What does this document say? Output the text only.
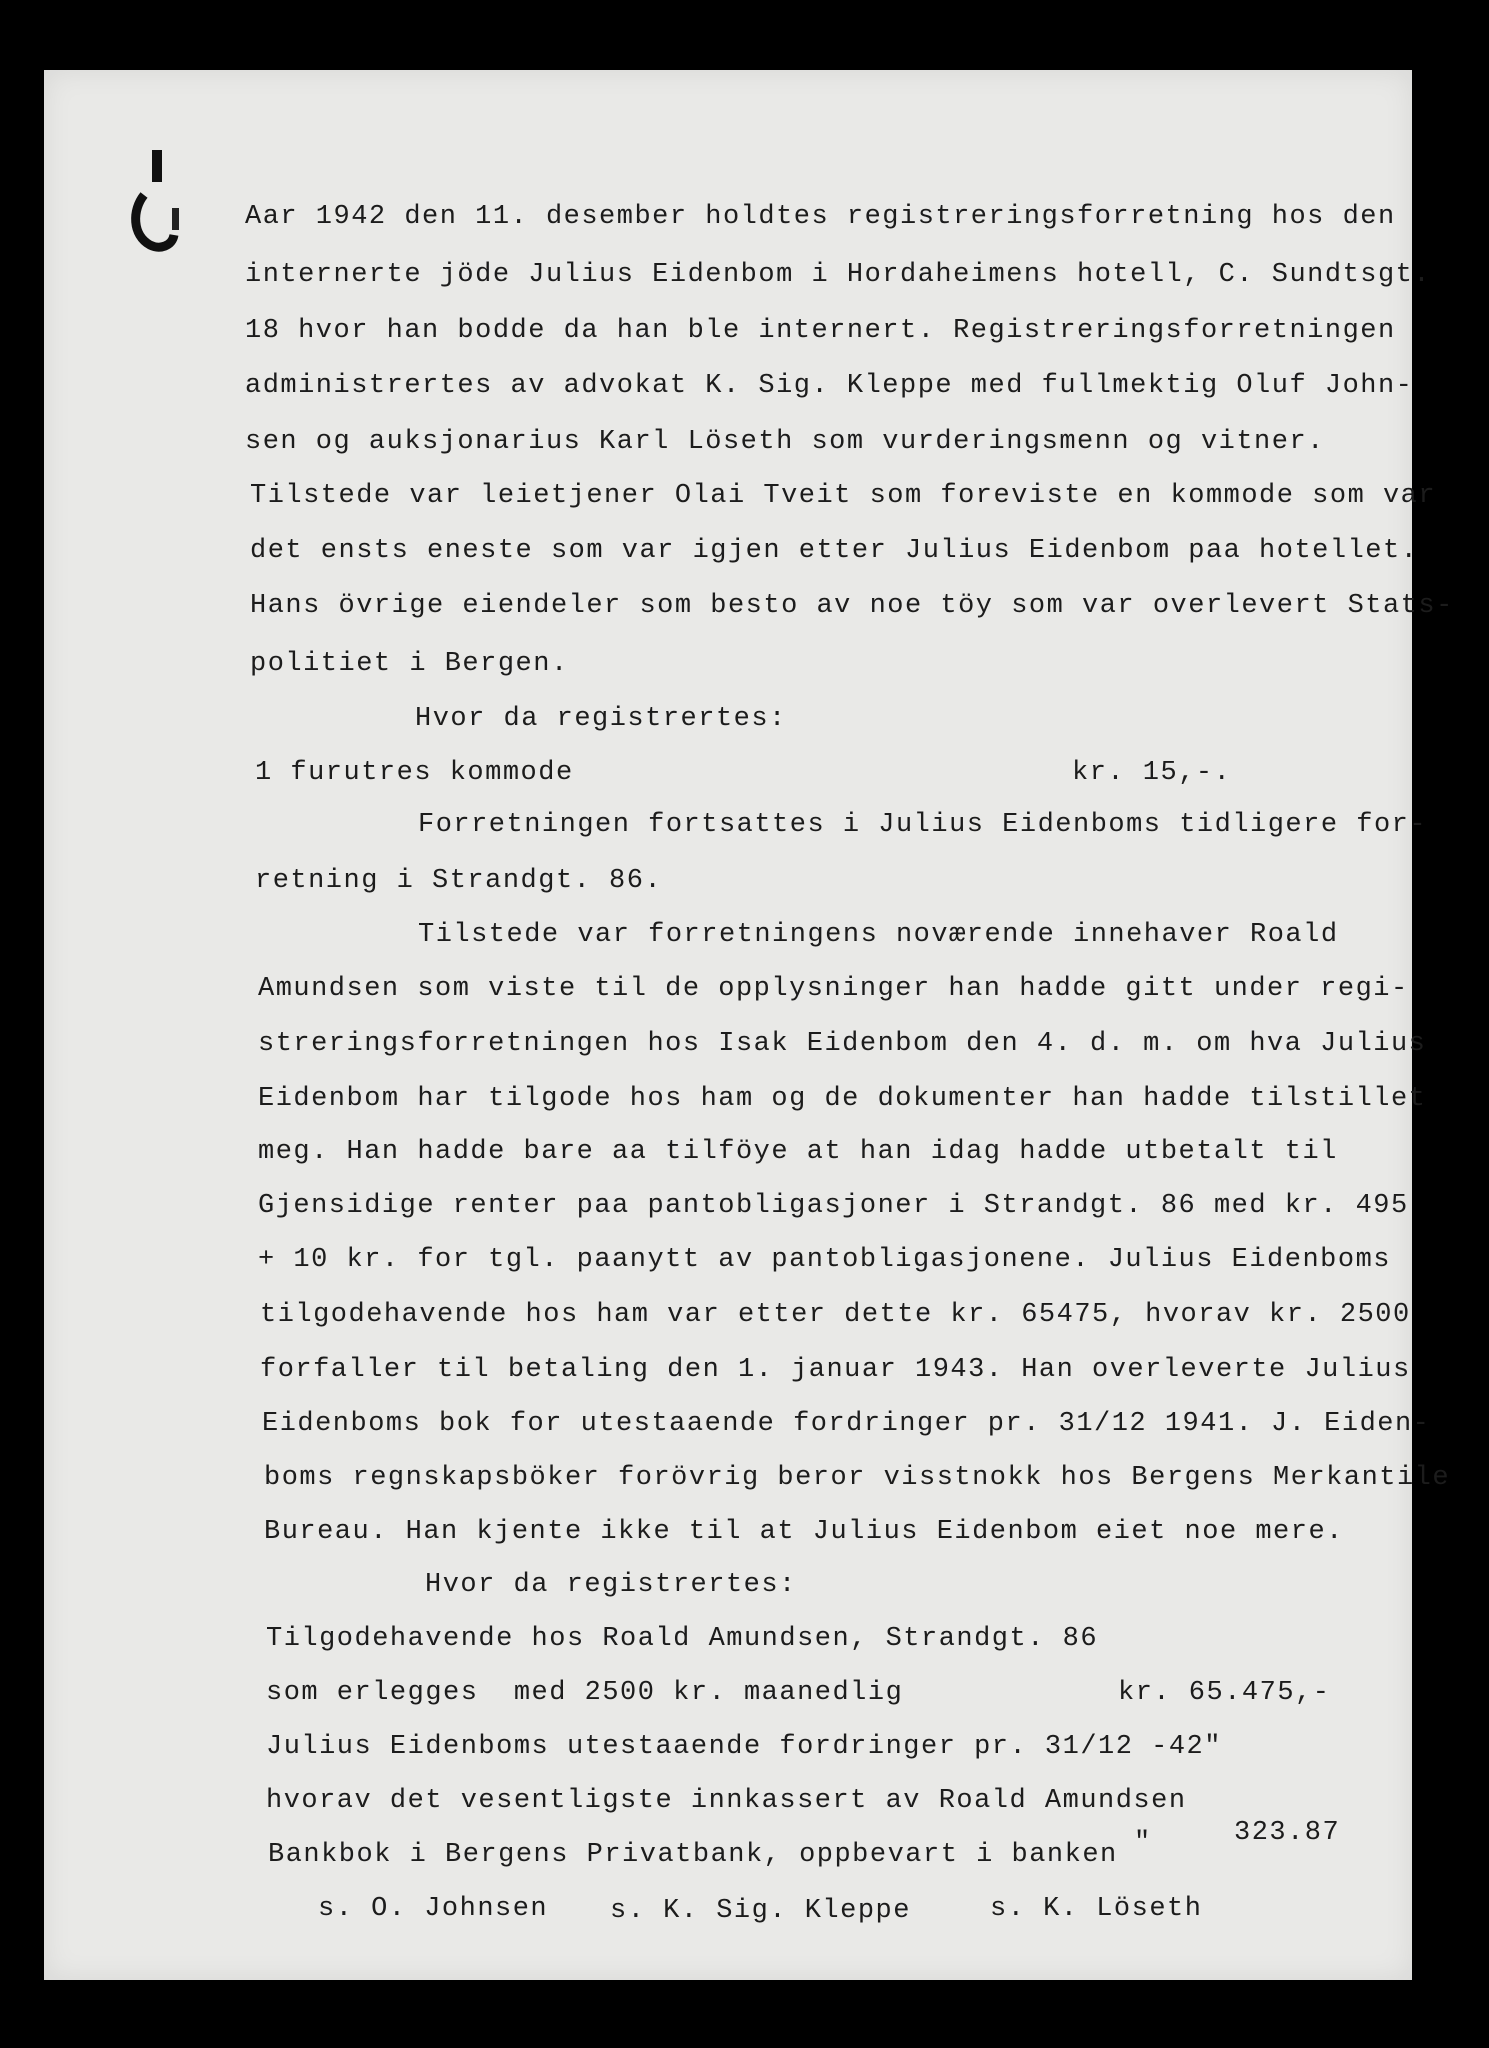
Aar 1942 den 11. desember holdtes registreringsforretning hos den
internerte jöde Julius Eidenbom i Hordaheimens hotell, C. Sundtsgt.
18 hvor han bodde da han ble internert. Registreringsforretningen
administrertes av advokat K. Sig. Kleppe med fullmektig Oluf John-
sen og auksjonarius Karl Löseth som vurderingsmenn og vitner.
Tilstede var leietjener Olai Tveit som foreviste en kommode som var
det ensts eneste som var igjen etter Julius Eidenbom paa hotellet.
Hans övrige eiendeler som besto av noe töy som var overlevert Stats-
politiet i Bergen.
Hvor da registrertes:
1 furutres kommode	kr. 15,-.
Forretningen fortsattes i Julius Eidenboms tidligere for-
retning i Strandgt. 86.
Tilstede var forretningens noværende innehaver Roald
Amundsen som viste til de opplysninger han hadde gitt under regi-
streringsforretningen hos Isak Eidenbom den 4. d. m. om hva Julius
Eidenbom har tilgode hos ham og de dokumenter han hadde tilstillet
meg. Han hadde bare aa tilföye at han idag hadde utbetalt til
Gjensidige renter paa pantobligasjoner i Strandgt. 86 med kr. 495
+ 10 kr. for tgl. paanytt av pantobligasjonene. Julius Eidenboms
tilgodehavende hos ham var etter dette kr. 65475, hvorav kr. 2500
forfaller til betaling den 1. januar 1943. Han overleverte Julius
Eidenboms bok for utestaaende fordringer pr. 31/12 1941. J. Eiden-
boms regnskapsböker forövrig beror visstnokk hos Bergens Merkantile
Bureau. Han kjente ikke til at Julius Eidenbom eiet noe mere.
Hvor da registrertes:
Tilgodehavende hos Roald Amundsen, Strandgt. 86
som erlegges  med 2500 kr. maanedlig	kr. 65.475,-
Julius Eidenboms utestaaende fordringer pr. 31/12 -42"
hvorav det vesentligste innkassert av Roald Amundsen
Bankbok i Bergens Privatbank, oppbevart i banken "	323.87
s. O. Johnsen s. K. Sig. Kleppe	s. K. Löseth
